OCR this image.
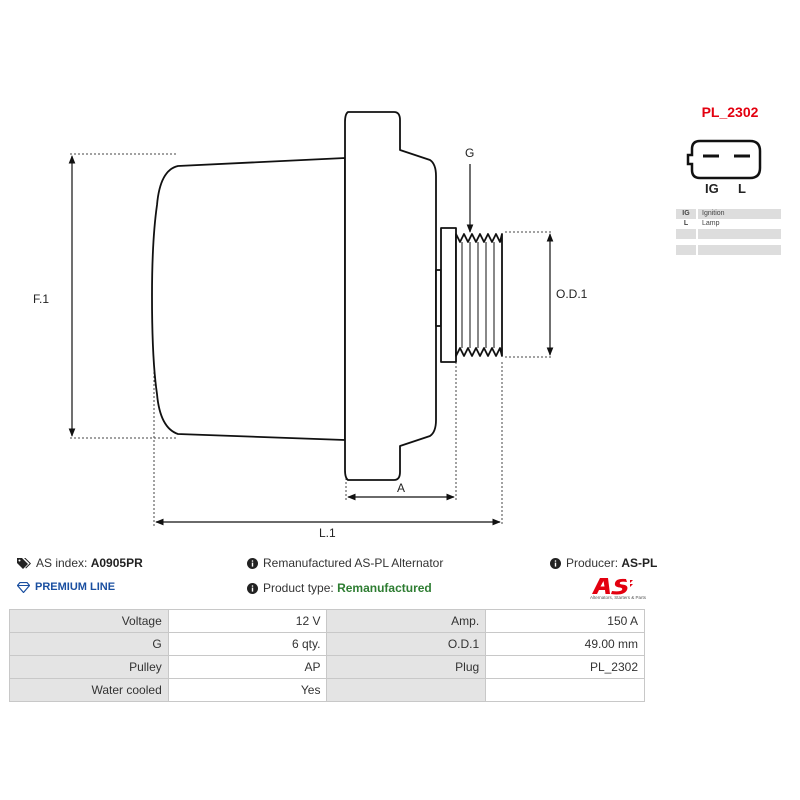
G
F.1	O.D.1
A
L.1
PL_2302
IG L
IG	Ignition
L	Lamp
AS index:
A0905PR	Remanufactured AS-PL Alternator	Producer:
AS-PL
PREMIUM LINE	Product type:
Remanufactured
Alternators, Starters & Parts
Voltage	12 V	Amp.	150 A
G	6 qty.	O.D.1	49.00 mm
Pulley	AP	Plug	PL_2302
Water cooled	Yes		
